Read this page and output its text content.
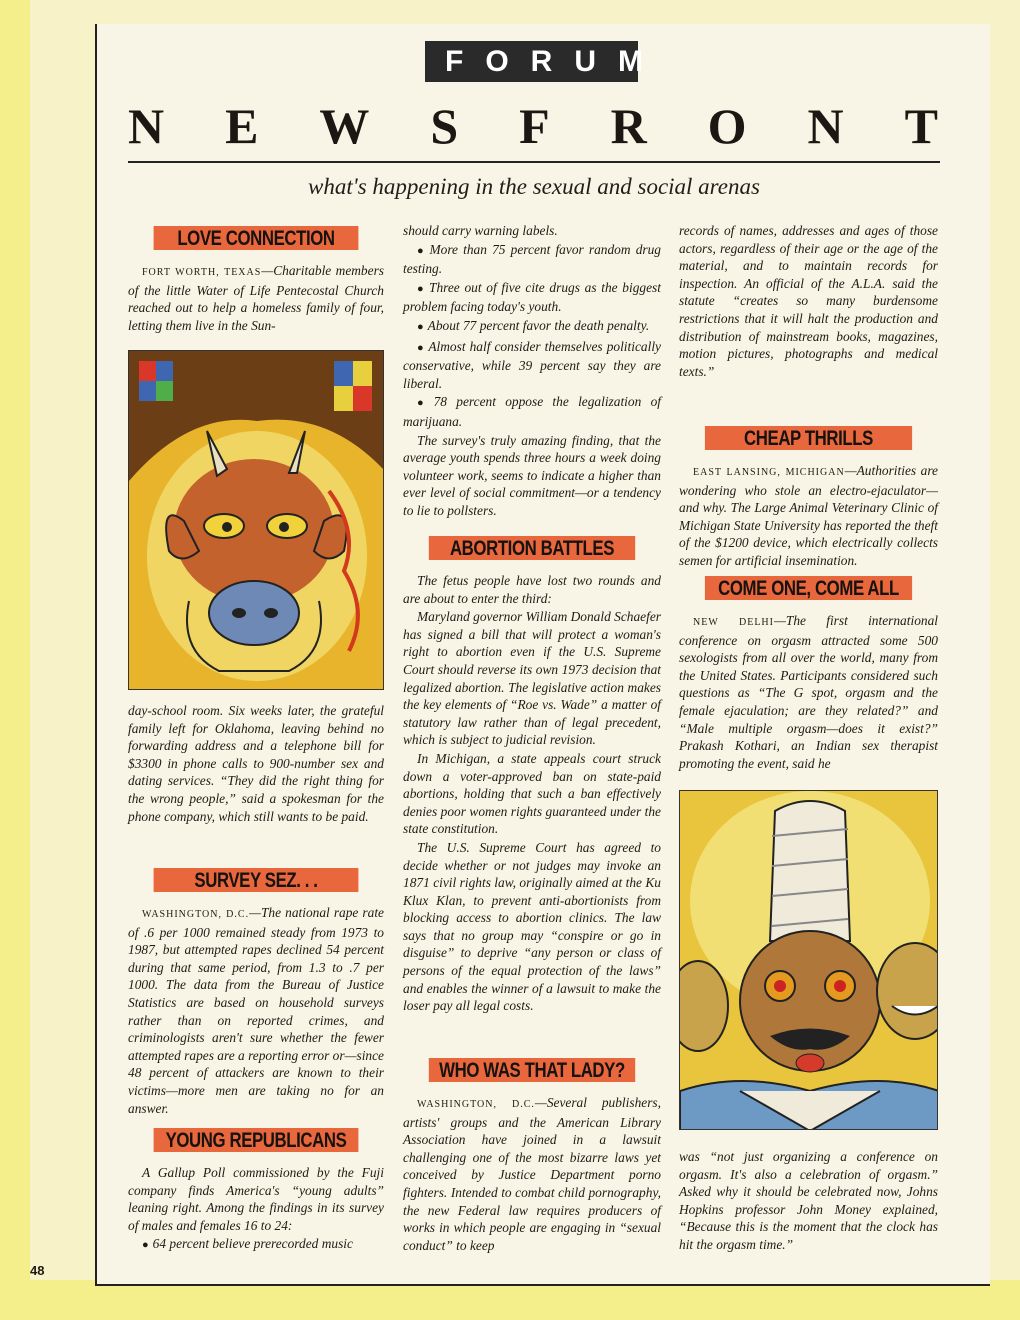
FORUM
N E W S F R O N T
what's happening in the sexual and social arenas
LOVE CONNECTION

FORT WORTH, TEXAS—Charitable members of the little Water of Life Pentecostal Church reached out to help a homeless family of four, letting them live in the Sun-

day-school room. Six weeks later, the grateful family left for Oklahoma, leaving behind no forwarding address and a telephone bill for $3300 in phone calls to 900-number sex and dating services. “They did the right thing for the wrong people,” said a spokesman for the phone company, which still wants to be paid.

SURVEY SEZ. . .

WASHINGTON, D.C.—The national rape rate of .6 per 1000 remained steady from 1973 to 1987, but attempted rapes declined 54 percent during that same period, from 1.3 to .7 per 1000. The data from the Bureau of Justice Statistics are based on household surveys rather than on reported crimes, and criminologists aren't sure whether the fewer attempted rapes are a reporting error or—since 48 percent of attackers are known to their victims—more men are taking no for an answer.

YOUNG REPUBLICANS

A Gallup Poll commissioned by the Fuji company finds America's “young adults” leaning right. Among the findings in its survey of males and females 16 to 24:

● 64 percent believe prerecorded music

should carry warning labels.

● More than 75 percent favor random drug testing.

● Three out of five cite drugs as the biggest problem facing today's youth.

● About 77 percent favor the death penalty.

● Almost half consider themselves politically conservative, while 39 percent say they are liberal.

● 78 percent oppose the legalization of marijuana.

The survey's truly amazing finding, that the average youth spends three hours a week doing volunteer work, seems to indicate a higher than ever level of social commitment—or a tendency to lie to pollsters.

ABORTION BATTLES

The fetus people have lost two rounds and are about to enter the third:

Maryland governor William Donald Schaefer has signed a bill that will protect a woman's right to abortion even if the U.S. Supreme Court should reverse its own 1973 decision that legalized abortion. The legislative action makes the key elements of “Roe vs. Wade” a matter of statutory law rather than of legal precedent, which is subject to judicial revision.

In Michigan, a state appeals court struck down a voter-approved ban on state-paid abortions, holding that such a ban effectively denies poor women rights guaranteed under the state constitution.

The U.S. Supreme Court has agreed to decide whether or not judges may invoke an 1871 civil rights law, originally aimed at the Ku Klux Klan, to prevent anti-abortionists from blocking access to abortion clinics. The law says that no group may “conspire or go in disguise” to deprive “any person or class of persons of the equal protection of the laws” and enables the winner of a lawsuit to make the loser pay all legal costs.

WHO WAS THAT LADY?

WASHINGTON, D.C.—Several publishers, artists' groups and the American Library Association have joined in a lawsuit challenging one of the most bizarre laws yet conceived by Justice Department porno fighters. Intended to combat child pornography, the new Federal law requires producers of works in which people are engaging in “sexual conduct” to keep

records of names, addresses and ages of those actors, regardless of their age or the age of the material, and to maintain records for inspection. An official of the A.L.A. said the statute “creates so many burdensome restrictions that it will halt the production and distribution of mainstream books, magazines, motion pictures, photographs and medical texts.”

CHEAP THRILLS

EAST LANSING, MICHIGAN—Authorities are wondering who stole an electro-ejaculator—and why. The Large Animal Veterinary Clinic of Michigan State University has reported the theft of the $1200 device, which electrically collects semen for artificial insemination.

COME ONE, COME ALL

NEW DELHI—The first international conference on orgasm attracted some 500 sexologists from all over the world, many from the United States. Participants considered such questions as “The G spot, orgasm and the female ejaculation; are they related?” and “Male multiple orgasm—does it exist?” Prakash Kothari, an Indian sex therapist promoting the event, said he

was “not just organizing a conference on orgasm. It's also a celebration of orgasm.” Asked why it should be celebrated now, Johns Hopkins professor John Money explained, “Because this is the moment that the clock has hit the orgasm time.”

48
